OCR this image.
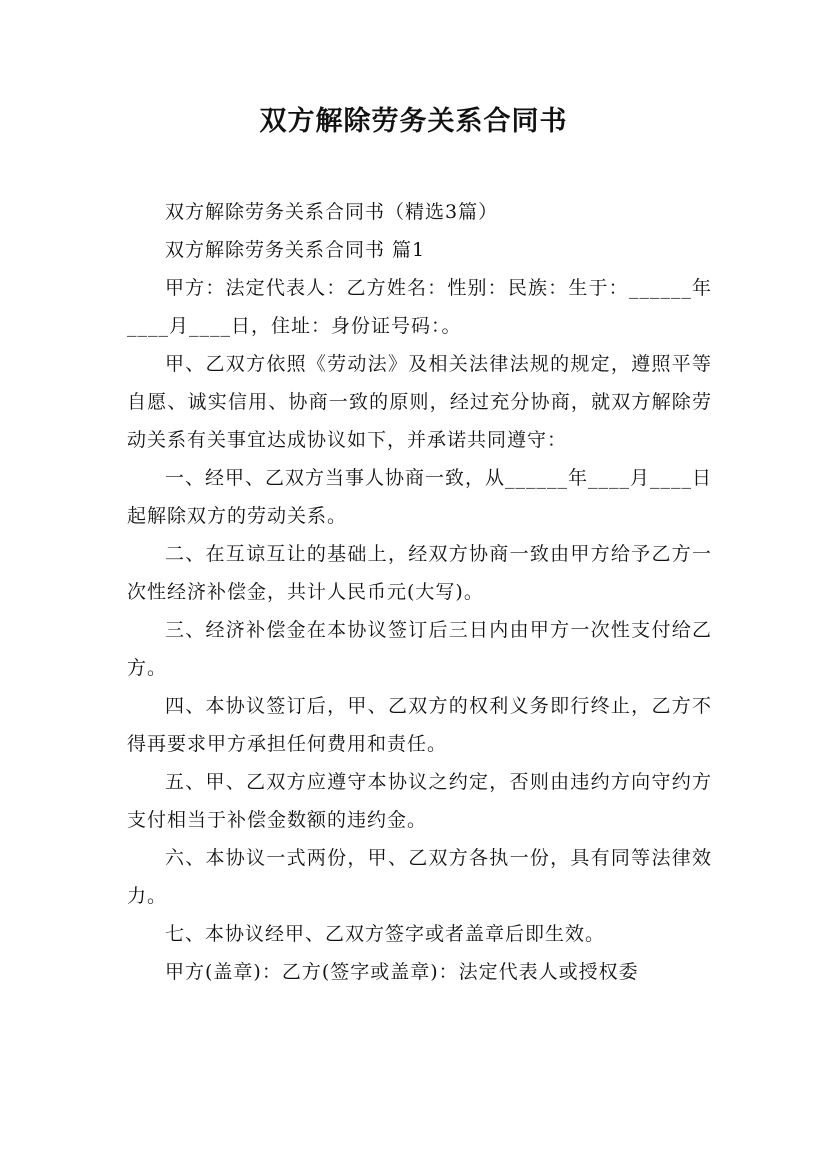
双方解除劳务关系合同书

双方解除劳务关系合同书（精选3篇）

双方解除劳务关系合同书 篇1

甲方：法定代表人：乙方姓名：性别：民族：生于：______年____月____日，住址：身份证号码：。

甲、乙双方依照《劳动法》及相关法律法规的规定，遵照平等自愿、诚实信用、协商一致的原则，经过充分协商，就双方解除劳动关系有关事宜达成协议如下，并承诺共同遵守：

一、经甲、乙双方当事人协商一致，从______年____月____日起解除双方的劳动关系。

二、在互谅互让的基础上，经双方协商一致由甲方给予乙方一次性经济补偿金，共计人民币元(大写)。

三、经济补偿金在本协议签订后三日内由甲方一次性支付给乙方。

四、本协议签订后，甲、乙双方的权利义务即行终止，乙方不得再要求甲方承担任何费用和责任。

五、甲、乙双方应遵守本协议之约定，否则由违约方向守约方支付相当于补偿金数额的违约金。

六、本协议一式两份，甲、乙双方各执一份，具有同等法律效力。

七、本协议经甲、乙双方签字或者盖章后即生效。

甲方(盖章)：乙方(签字或盖章)：法定代表人或授权委
